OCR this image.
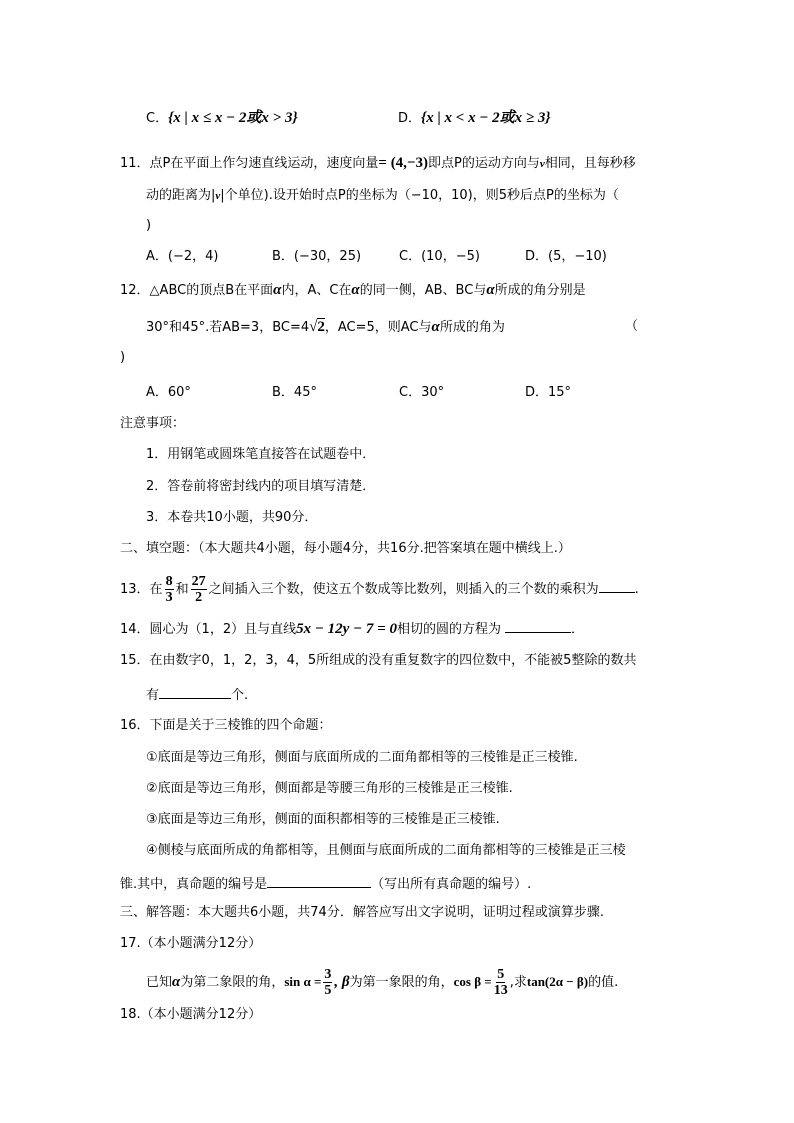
C．{x | x ≤ x − 2或x > 3}	D．{x | x < x − 2或x ≥ 3}
11．点P在平面上作匀速直线运动，速度向量= (4,−3)即点P的运动方向与v相同，且每秒移
动的距离为|v|个单位).设开始时点P的坐标为（−10，10)，则5秒后点P的坐标为（
)
A．(−2，4)	B．(−30，25)	C．(10，−5)	D．(5，−10)
12．△ABC的顶点B在平面α内，A、C在α的同一侧，AB、BC与α所成的角分别是
30°和45°.若AB=3，BC=4√2，AC=5，则AC与α所成的角为	（
)
A．60°	B．45°	C．30°	D．15°
注意事项：
1．用钢笔或圆珠笔直接答在试题卷中．
2．答卷前将密封线内的项目填写清楚．
3．本卷共10小题，共90分．
二、填空题：（本大题共4小题，每小题4分，共16分.把答案填在题中横线上.）
13．在 $\frac{8}{3}$ 和 $\frac{27}{2}$ 之间插入三个数，使这五个数成等比数列，则插入的三个数的乘积为	.
14．圆心为（1，2）且与直线5x − 12y − 7 = 0相切的圆的方程为	．
15．在由数字0，1，2，3，4，5所组成的没有重复数字的四位数中，不能被5整除的数共
有	个.
16．下面是关于三棱锥的四个命题：
①底面是等边三角形，侧面与底面所成的二面角都相等的三棱锥是正三棱锥.
②底面是等边三角形，侧面都是等腰三角形的三棱锥是正三棱锥.
③底面是等边三角形，侧面的面积都相等的三棱锥是正三棱锥.
④侧棱与底面所成的角都相等，且侧面与底面所成的二面角都相等的三棱锥是正三棱
锥.其中，真命题的编号是	（写出所有真命题的编号）.
三、解答题：本大题共6小题，共74分．解答应写出文字说明，证明过程或演算步骤.
17.（本小题满分12分）
已知α为第二象限的角，$\sin \alpha = \frac{3}{5}$ , β为第一象限的角，$\cos \beta = \frac{5}{13}$ ,求tan(2α − β)的值.
18.（本小题满分12分）
